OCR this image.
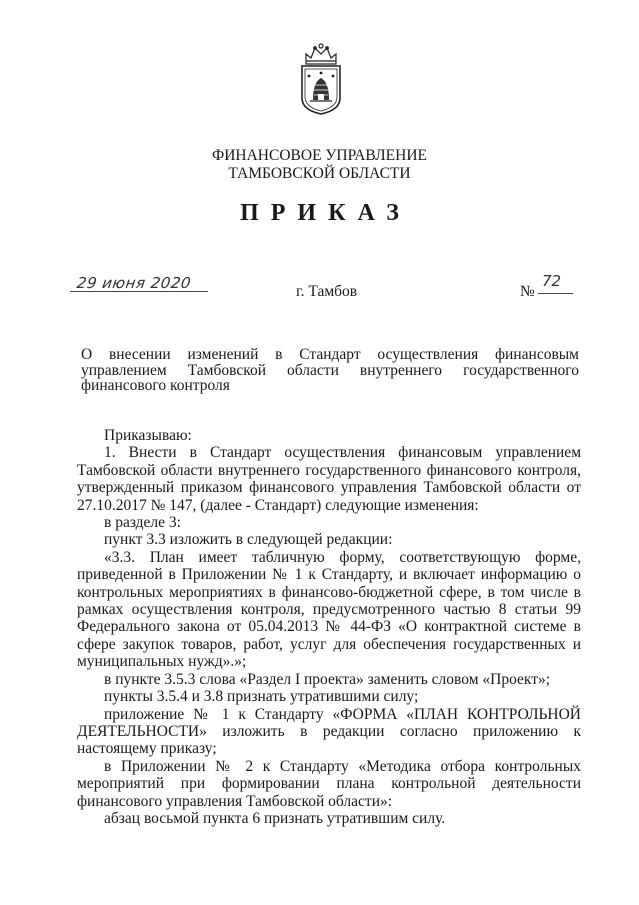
ФИНАНСОВОЕ УПРАВЛЕНИЕ
ТАМБОВСКОЙ ОБЛАСТИ
ПРИКАЗ
29 июня 2020	г. Тамбов	№
72
О внесении изменений в Стандарт осуществления финансовым управлением Тамбовской области внутреннего государственного финансового контроля

Приказываю:

1. Внести в Стандарт осуществления финансовым управлением Тамбовской области внутреннего государственного финансового контроля, утвержденный приказом финансового управления Тамбовской области от 27.10.2017 № 147, (далее - Стандарт) следующие изменения:

в разделе 3:

пункт 3.3 изложить в следующей редакции:

«3.3. План имеет табличную форму, соответствующую форме, приведенной в Приложении № 1 к Стандарту, и включает информацию о контрольных мероприятиях в финансово-бюджетной сфере, в том числе в рамках осуществления контроля, предусмотренного частью 8 статьи 99 Федерального закона от 05.04.2013 № 44-ФЗ «О контрактной системе в сфере закупок товаров, работ, услуг для обеспечения государственных и муниципальных нужд».»;

в пункте 3.5.3 слова «Раздел I проекта» заменить словом «Проект»;

пункты 3.5.4 и 3.8 признать утратившими силу;

приложение № 1 к Стандарту «ФОРМА «ПЛАН КОНТРОЛЬНОЙ ДЕЯТЕЛЬНОСТИ» изложить в редакции согласно приложению к настоящему приказу;

в Приложении № 2 к Стандарту «Методика отбора контрольных мероприятий при формировании плана контрольной деятельности финансового управления Тамбовской области»:

абзац восьмой пункта 6 признать утратившим силу.
